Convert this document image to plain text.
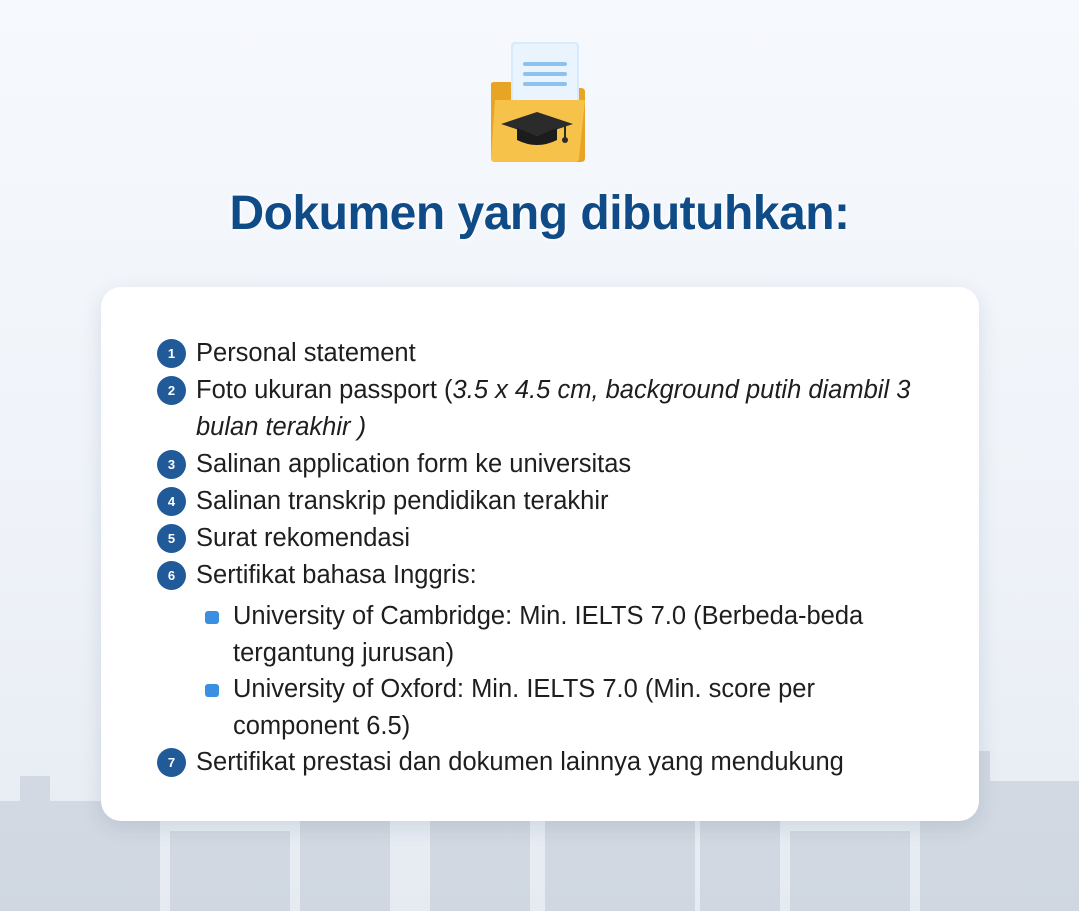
Dokumen yang dibutuhkan:
1 Personal statement
2 Foto ukuran passport (3.5 x 4.5 cm, background putih diambil 3 bulan terakhir )
3 Salinan application form ke universitas
4 Salinan transkrip pendidikan terakhir
5 Surat rekomendasi
6 Sertifikat bahasa Inggris:
University of Cambridge: Min. IELTS 7.0 (Berbeda-beda tergantung jurusan)
University of Oxford: Min. IELTS 7.0 (Min. score per component 6.5)
7 Sertifikat prestasi dan dokumen lainnya yang mendukung
